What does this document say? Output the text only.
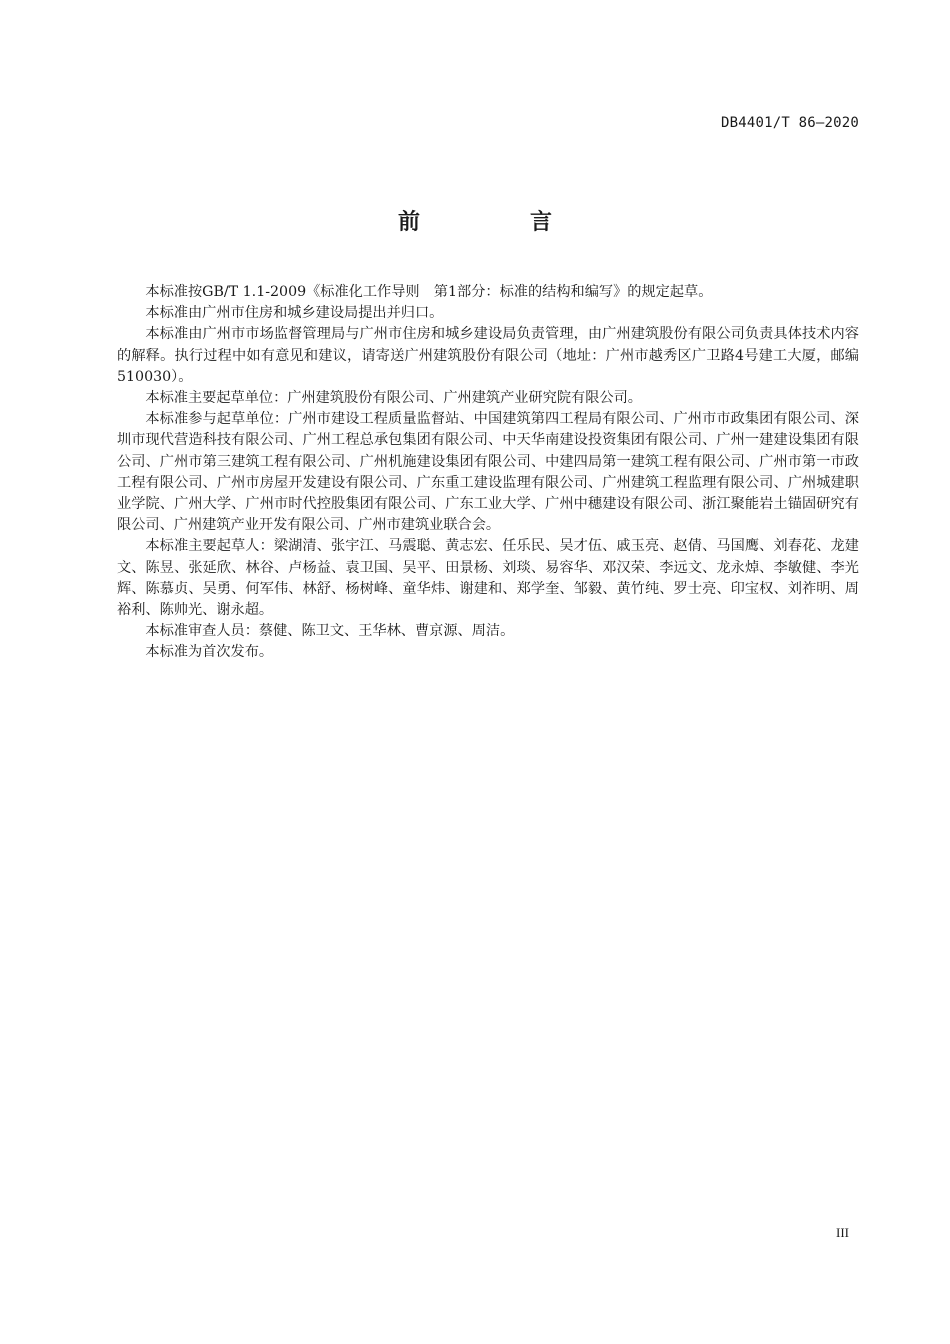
DB4401/T 86—2020
前　言

本标准按GB/T 1.1-2009《标准化工作导则　第1部分：标准的结构和编写》的规定起草。

本标准由广州市住房和城乡建设局提出并归口。

本标准由广州市市场监督管理局与广州市住房和城乡建设局负责管理，由广州建筑股份有限公司负责具体技术内容的解释。执行过程中如有意见和建议，请寄送广州建筑股份有限公司（地址：广州市越秀区广卫路4号建工大厦，邮编510030）。

本标准主要起草单位：广州建筑股份有限公司、广州建筑产业研究院有限公司。

本标准参与起草单位：广州市建设工程质量监督站、中国建筑第四工程局有限公司、广州市市政集团有限公司、深圳市现代营造科技有限公司、广州工程总承包集团有限公司、中天华南建设投资集团有限公司、广州一建建设集团有限公司、广州市第三建筑工程有限公司、广州机施建设集团有限公司、中建四局第一建筑工程有限公司、广州市第一市政工程有限公司、广州市房屋开发建设有限公司、广东重工建设监理有限公司、广州建筑工程监理有限公司、广州城建职业学院、广州大学、广州市时代控股集团有限公司、广东工业大学、广州中穗建设有限公司、浙江聚能岩土锚固研究有限公司、广州建筑产业开发有限公司、广州市建筑业联合会。

本标准主要起草人：梁湖清、张宇江、马震聪、黄志宏、任乐民、吴才伍、戚玉亮、赵倩、马国鹰、刘春花、龙建文、陈昱、张延欣、林谷、卢杨益、袁卫国、吴平、田景杨、刘琰、易容华、邓汉荣、李远文、龙永焯、李敏健、李光辉、陈慕贞、吴勇、何军伟、林舒、杨树峰、童华炜、谢建和、郑学奎、邹毅、黄竹纯、罗士亮、印宝权、刘祚明、周裕利、陈帅光、谢永超。

本标准审查人员：蔡健、陈卫文、王华林、曹京源、周洁。

本标准为首次发布。

III
